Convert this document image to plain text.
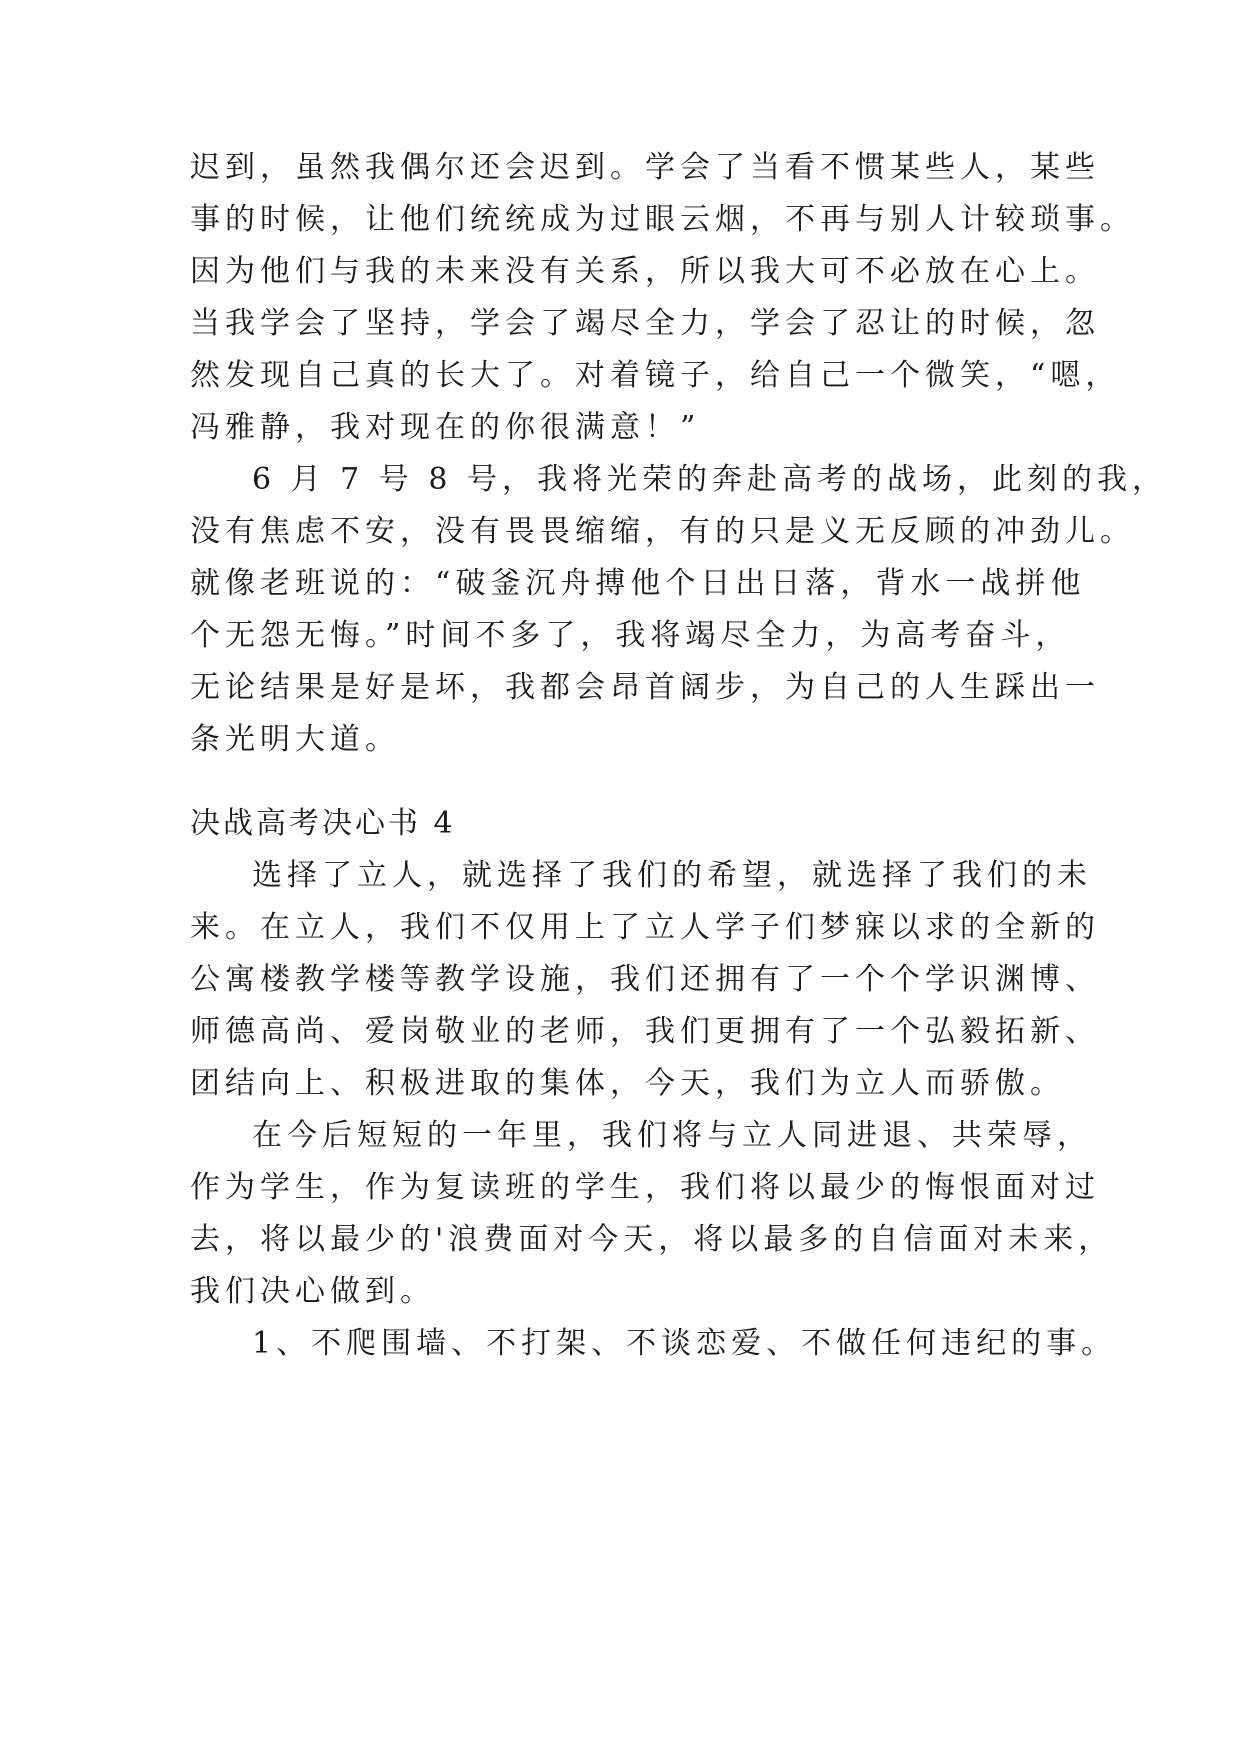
迟到，虽然我偶尔还会迟到。学会了当看不惯某些人，某些
事的时候，让他们统统成为过眼云烟，不再与别人计较琐事。
因为他们与我的未来没有关系，所以我大可不必放在心上。
当我学会了坚持，学会了竭尽全力，学会了忍让的时候，忽
然发现自己真的长大了。对着镜子，给自己一个微笑，“嗯，
冯雅静，我对现在的你很满意！”
6 月 7 号 8 号，我将光荣的奔赴高考的战场，此刻的我，
没有焦虑不安，没有畏畏缩缩，有的只是义无反顾的冲劲儿。
就像老班说的：“破釜沉舟搏他个日出日落，背水一战拼他
个无怨无悔。”时间不多了，我将竭尽全力，为高考奋斗，
无论结果是好是坏，我都会昂首阔步，为自己的人生踩出一
条光明大道。
决战高考决心书 4
选择了立人，就选择了我们的希望，就选择了我们的未
来。在立人，我们不仅用上了立人学子们梦寐以求的全新的
公寓楼教学楼等教学设施，我们还拥有了一个个学识渊博、
师德高尚、爱岗敬业的老师，我们更拥有了一个弘毅拓新、
团结向上、积极进取的集体，今天，我们为立人而骄傲。
在今后短短的一年里，我们将与立人同进退、共荣辱，
作为学生，作为复读班的学生，我们将以最少的悔恨面对过
去，将以最少的'浪费面对今天，将以最多的自信面对未来，
我们决心做到。
1、不爬围墙、不打架、不谈恋爱、不做任何违纪的事。
